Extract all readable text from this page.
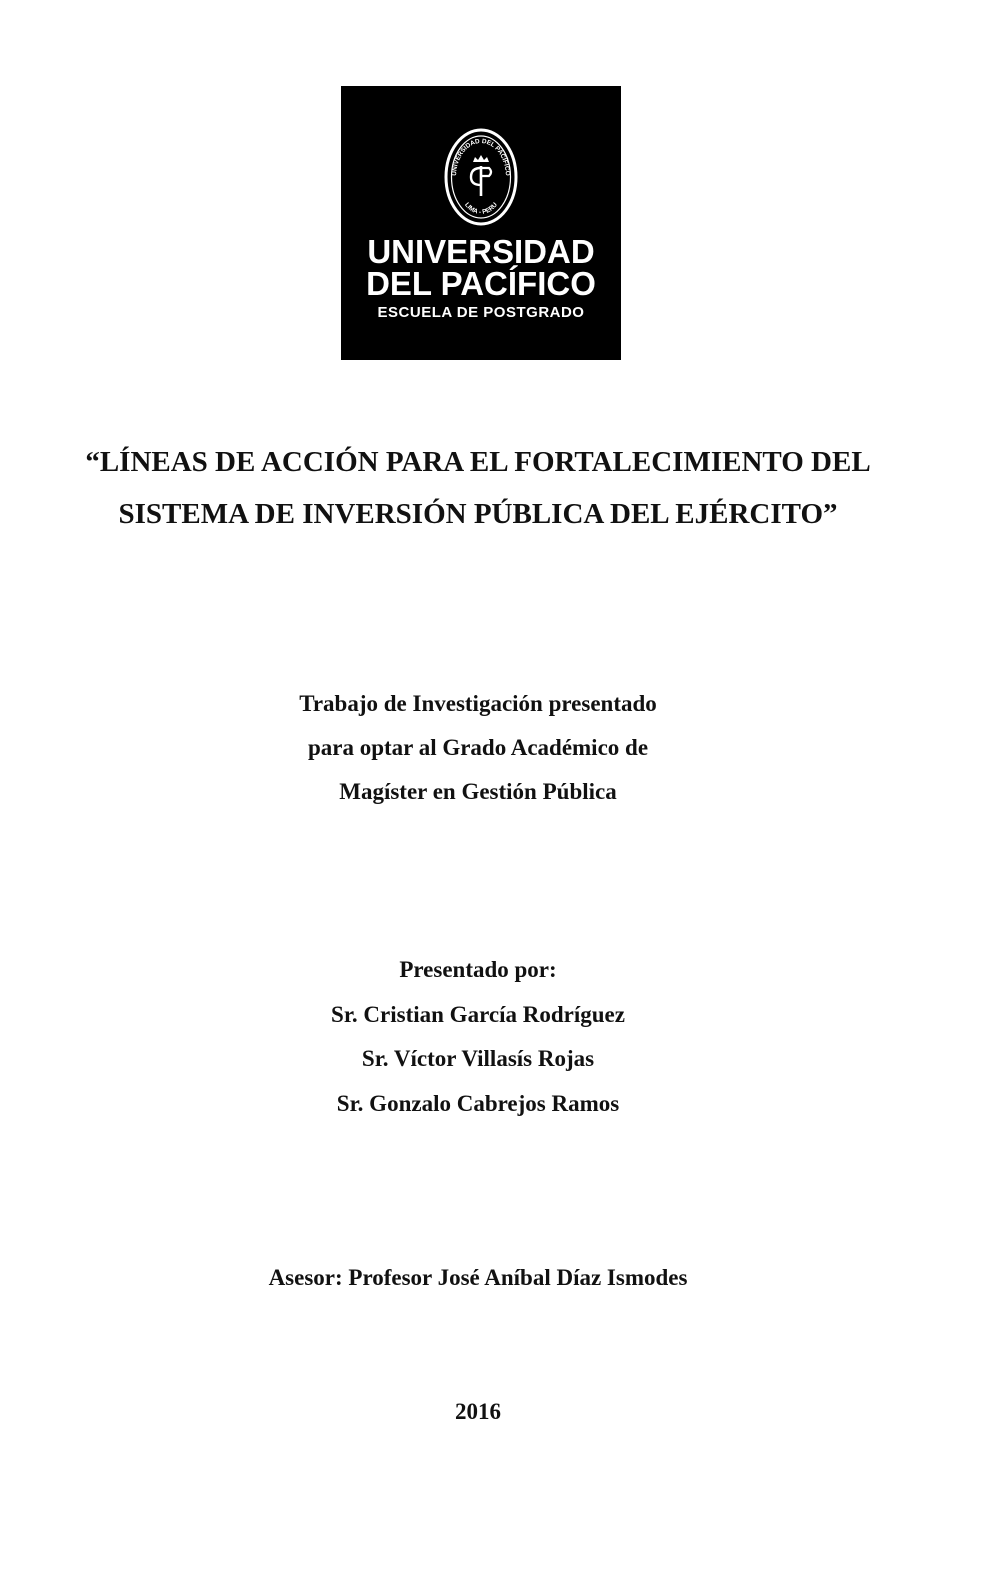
UNIVERSIDAD DEL PACÍFICO
LIMA - PERU
UNIVERSIDAD
DEL PACÍFICO
ESCUELA DE POSTGRADO
“LÍNEAS DE ACCIÓN PARA EL FORTALECIMIENTO DEL
SISTEMA DE INVERSIÓN PÚBLICA DEL EJÉRCITO”
Trabajo de Investigación presentado
para optar al Grado Académico de
Magíster en Gestión Pública
Presentado por:
Sr. Cristian García Rodríguez
Sr. Víctor Villasís Rojas
Sr. Gonzalo Cabrejos Ramos
Asesor: Profesor José Aníbal Díaz Ismodes
2016
